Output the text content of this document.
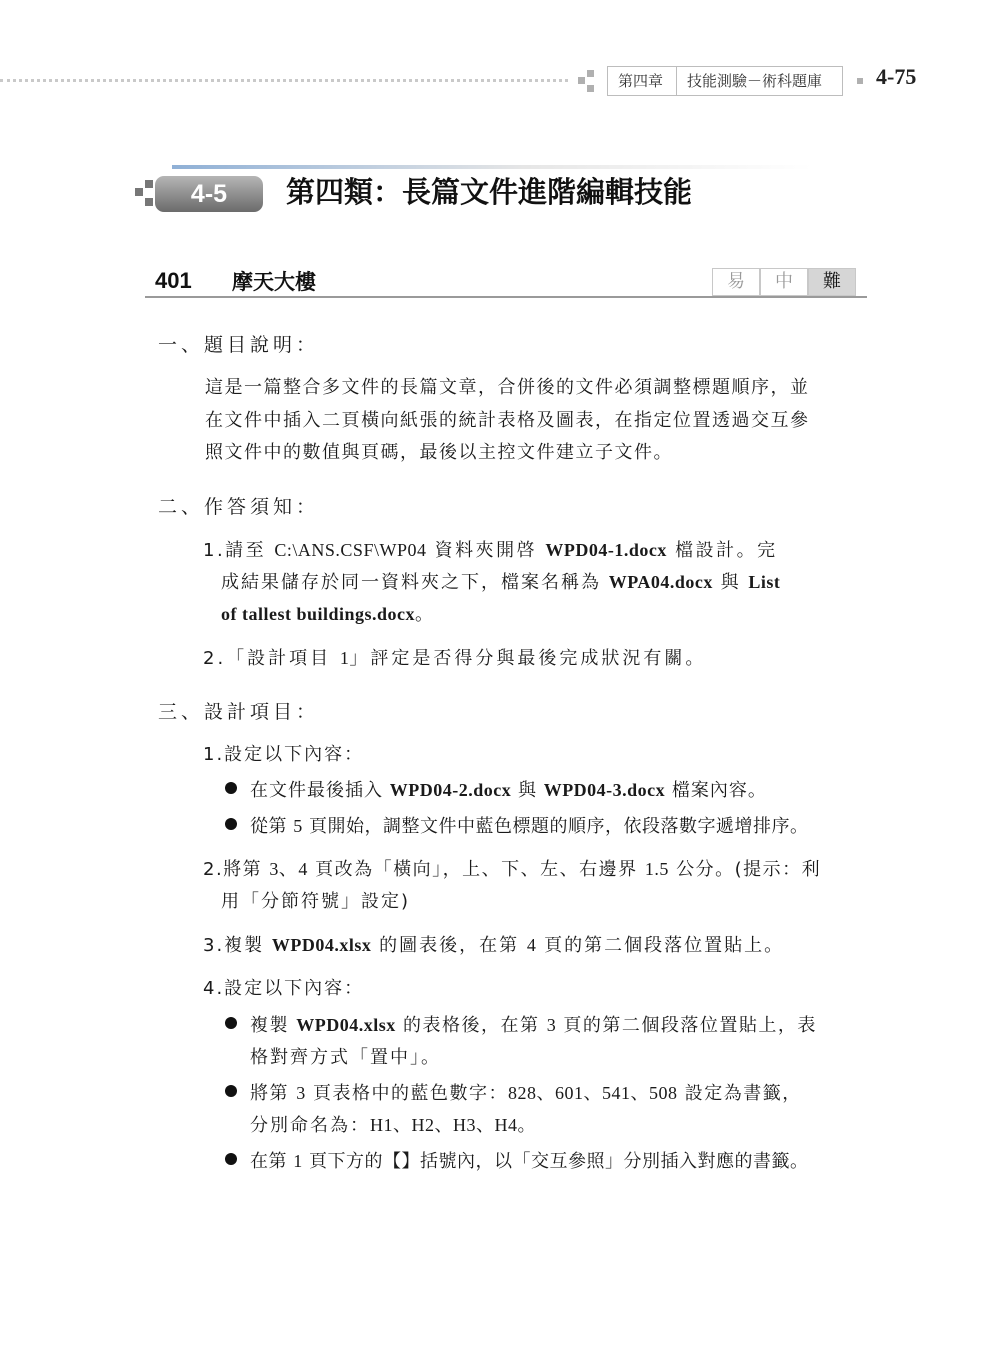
第四章	技能測驗－術科題庫	4-75
4-5	第四類：長篇文件進階編輯技能
401 摩天大樓	易	中	難
一、題目說明：
這是一篇整合多文件的長篇文章，合併後的文件必須調整標題順序，並
在文件中插入二頁橫向紙張的統計表格及圖表，在指定位置透過交互參
照文件中的數值與頁碼，最後以主控文件建立子文件。
二、作答須知：
1.請至 C:\ANS.CSF\WP04 資料夾開啓 WPD04-1.docx 檔設計。完
成結果儲存於同一資料夾之下，檔案名稱為 WPA04.docx 與 List
of tallest buildings.docx。
2.「設計項目 1」評定是否得分與最後完成狀況有關。
三、設計項目：
1.設定以下內容：
在文件最後插入 WPD04-2.docx 與 WPD04-3.docx 檔案內容。
從第 5 頁開始，調整文件中藍色標題的順序，依段落數字遞增排序。
2.將第 3、4 頁改為「橫向」，上、下、左、右邊界 1.5 公分。(提示：利
用「分節符號」設定)
3.複製 WPD04.xlsx 的圖表後，在第 4 頁的第二個段落位置貼上。
4.設定以下內容：
複製 WPD04.xlsx 的表格後，在第 3 頁的第二個段落位置貼上，表
格對齊方式「置中」。
將第 3 頁表格中的藍色數字：828、601、541、508 設定為書籤，
分別命名為：H1、H2、H3、H4。
在第 1 頁下方的【】括號內，以「交互參照」分別插入對應的書籤。
